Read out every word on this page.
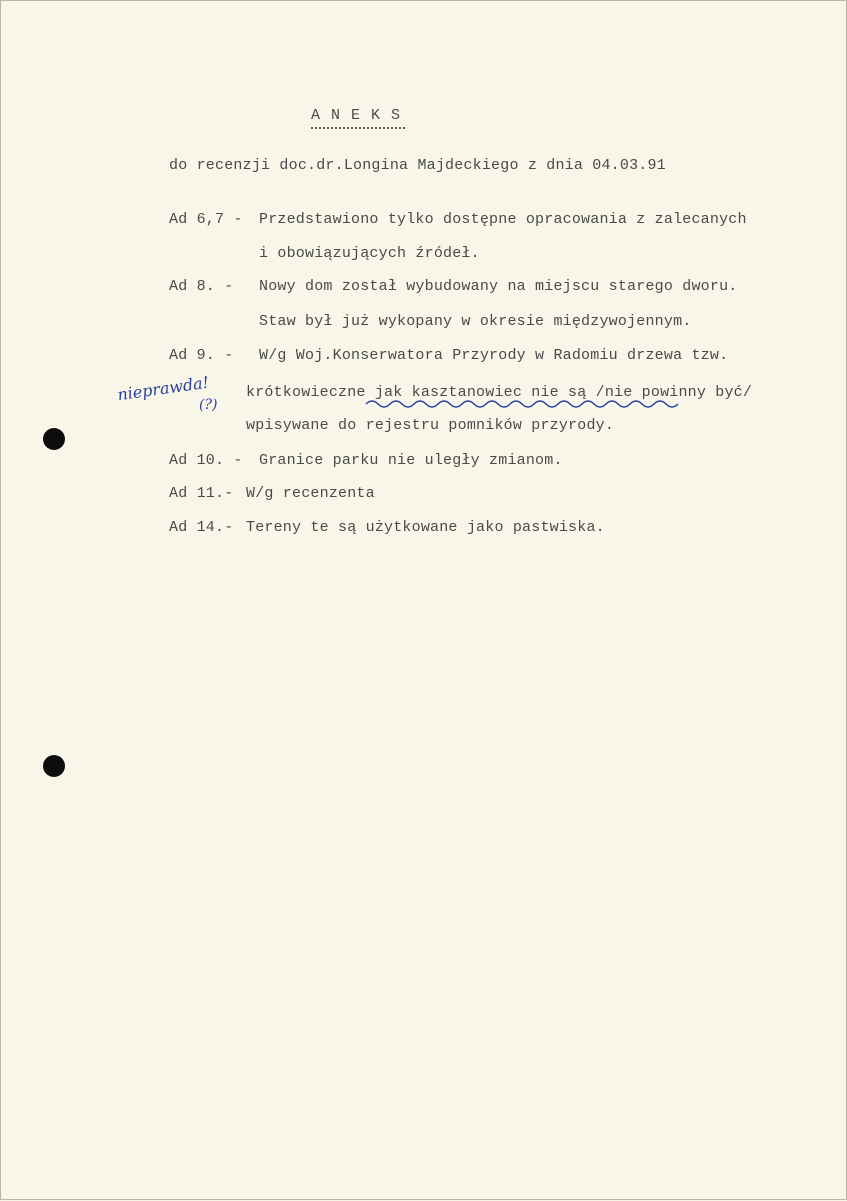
A N E K S
do recenzji doc.dr.Longina Majdeckiego z dnia 04.03.91
Ad 6,7 - Przedstawiono tylko dostępne opracowania z zalecanych
i obowiązujących źródeł.
Ad 8. - Nowy dom został wybudowany na miejscu starego dworu.
Staw był już wykopany w okresie międzywojennym.
Ad 9. - W/g Woj.Konserwatora Przyrody w Radomiu drzewa tzw.
krótkowieczne jak kasztanowiec nie są /nie powinny być/
wpisywane do rejestru pomników przyrody.
Ad 10. - Granice parku nie uległy zmianom.
Ad 11.- W/g recenzenta
Ad 14.- Tereny te są użytkowane jako pastwiska.
nieprawda!
(?)
